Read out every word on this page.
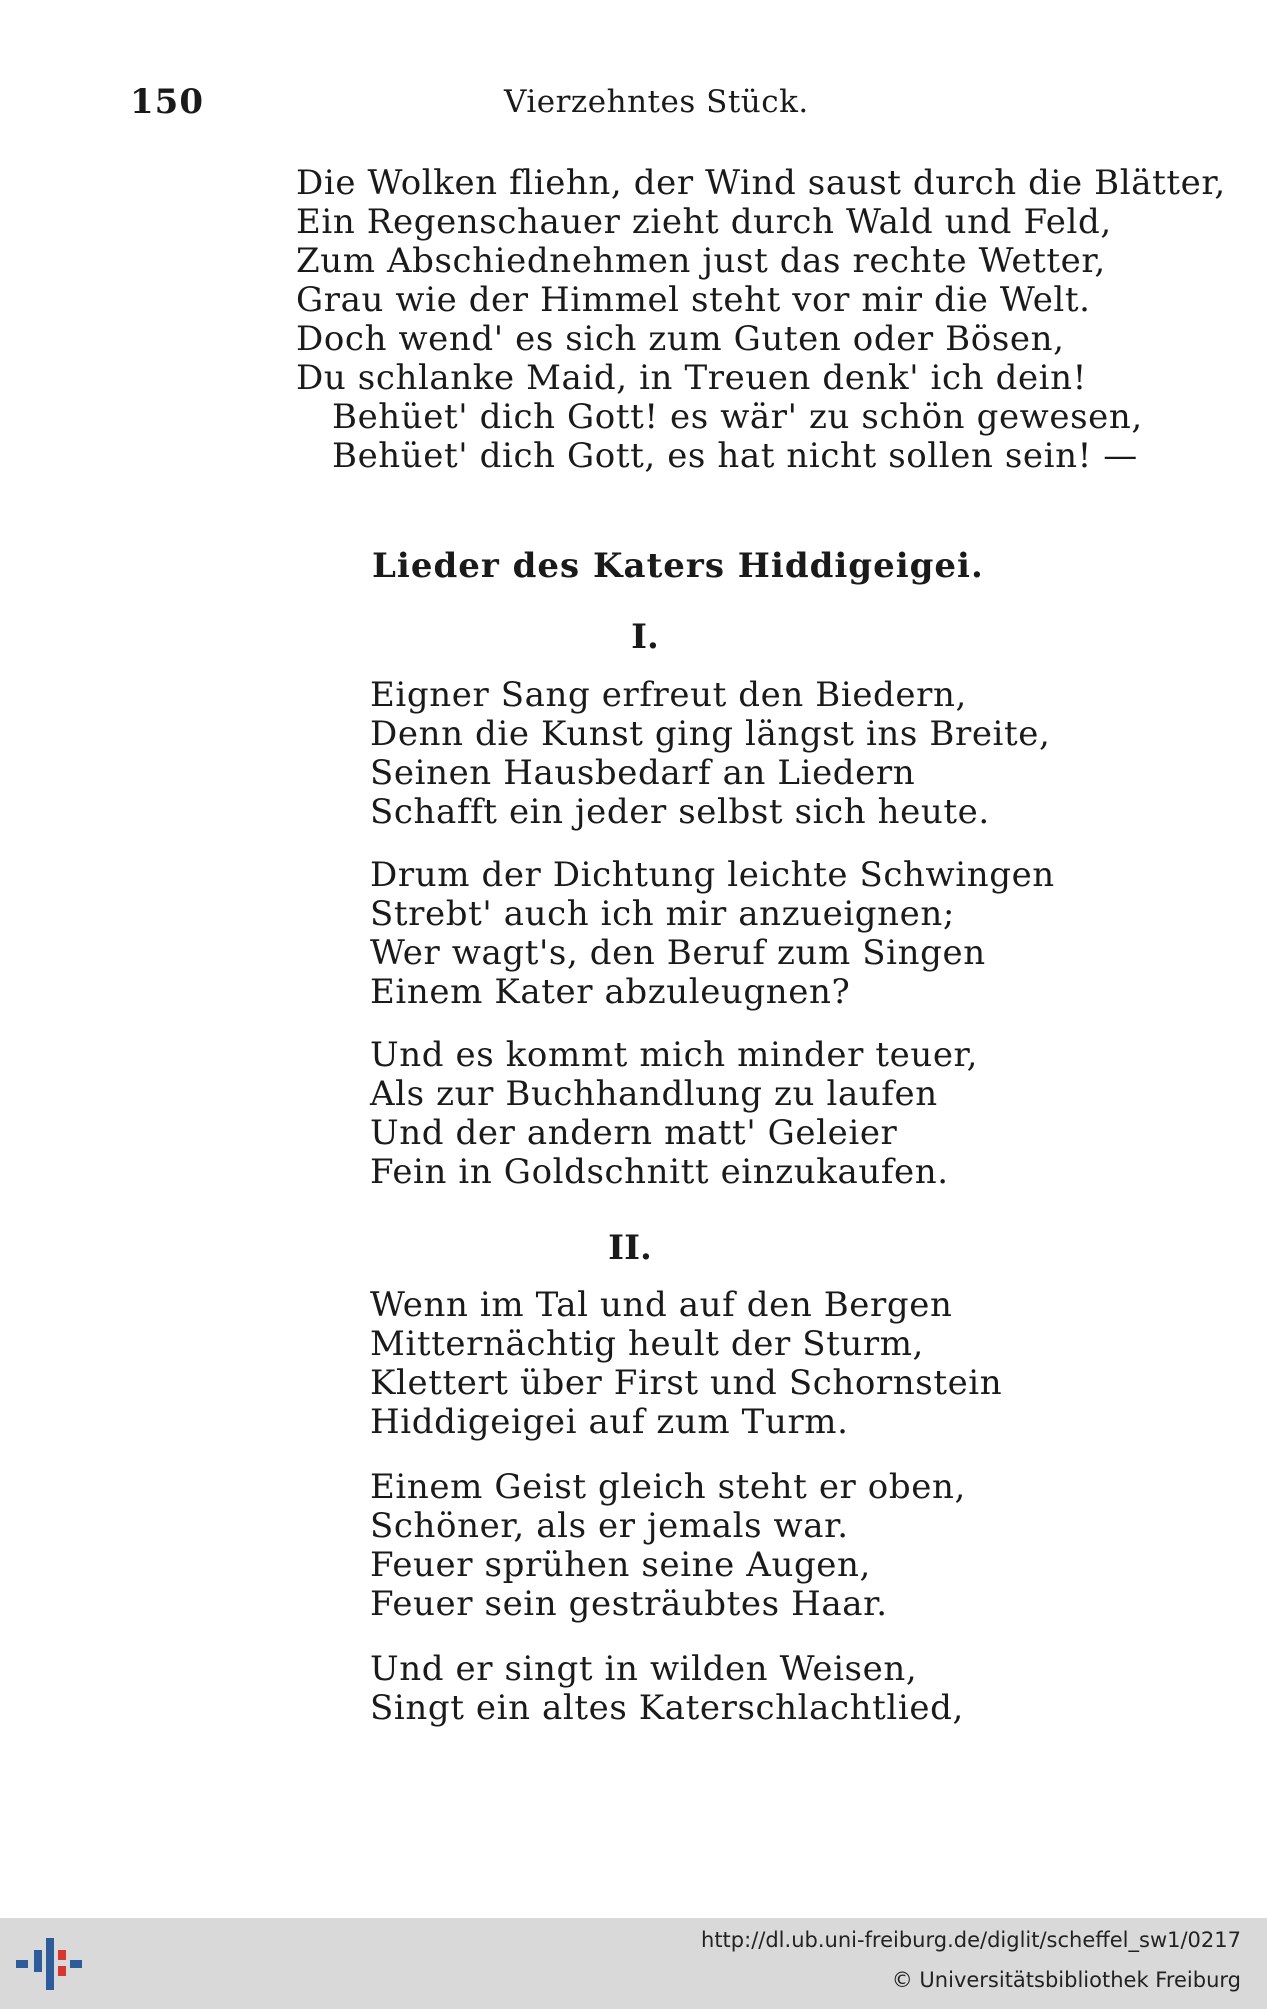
150	Vierzehntes Stück.
Die Wolken fliehn, der Wind saust durch die Blätter,
Ein Regenschauer zieht durch Wald und Feld,
Zum Abschiednehmen just das rechte Wetter,
Grau wie der Himmel steht vor mir die Welt.
Doch wend' es sich zum Guten oder Bösen,
Du schlanke Maid, in Treuen denk' ich dein!
Behüet' dich Gott! es wär' zu schön gewesen,
Behüet' dich Gott, es hat nicht sollen sein! —
Lieder des Katers Hiddigeigei.
I.
Eigner Sang erfreut den Biedern,
Denn die Kunst ging längst ins Breite,
Seinen Hausbedarf an Liedern
Schafft ein jeder selbst sich heute.
Drum der Dichtung leichte Schwingen
Strebt' auch ich mir anzueignen;
Wer wagt's, den Beruf zum Singen
Einem Kater abzuleugnen?
Und es kommt mich minder teuer,
Als zur Buchhandlung zu laufen
Und der andern matt' Geleier
Fein in Goldschnitt einzukaufen.
II.
Wenn im Tal und auf den Bergen
Mitternächtig heult der Sturm,
Klettert über First und Schornstein
Hiddigeigei auf zum Turm.
Einem Geist gleich steht er oben,
Schöner, als er jemals war.
Feuer sprühen seine Augen,
Feuer sein gesträubtes Haar.
Und er singt in wilden Weisen,
Singt ein altes Katerschlachtlied,
http://dl.ub.uni-freiburg.de/diglit/scheffel_sw1/0217
© Universitätsbibliothek Freiburg
